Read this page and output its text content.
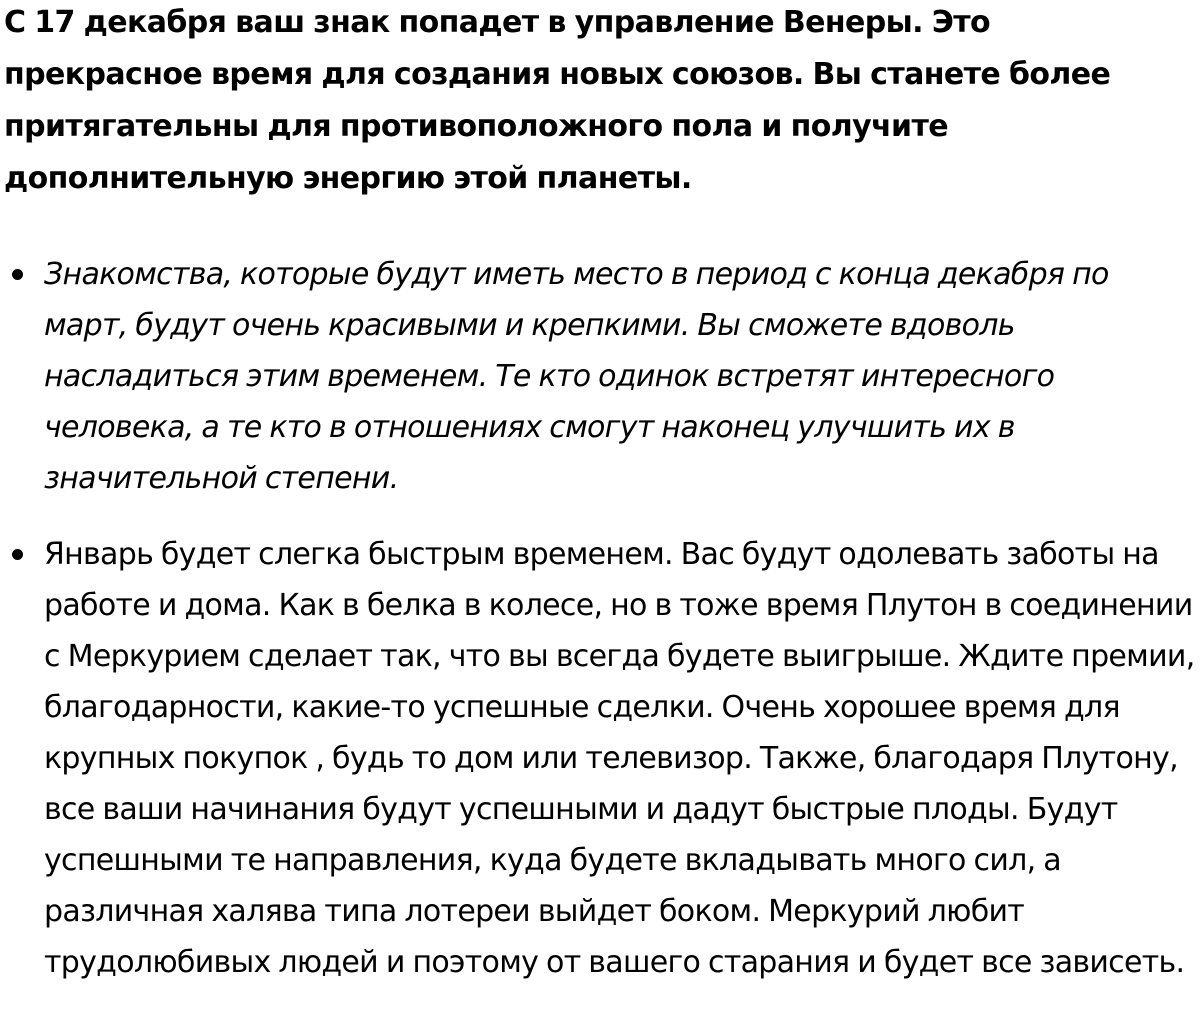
С 17 декабря ваш знак попадет в управление Венеры. Это прекрасное время для создания новых союзов. Вы станете более притягательны для противоположного пола и получите дополнительную энергию этой планеты.

Знакомства, которые будут иметь место в период с конца декабря по март, будут очень красивыми и крепкими. Вы сможете вдоволь насладиться этим временем. Те кто одинок встретят интересного человека, а те кто в отношениях смогут наконец улучшить их в значительной степени.
Январь будет слегка быстрым временем. Вас будут одолевать заботы на работе и дома. Как в белка в колесе, но в тоже время Плутон в соединении с Меркурием сделает так, что вы всегда будете выигрыше. Ждите премии, благодарности, какие-то успешные сделки. Очень хорошее время для крупных покупок , будь то дом или телевизор. Также, благодаря Плутону, все ваши начинания будут успешными и дадут быстрые плоды. Будут успешными те направления, куда будете вкладывать много сил, а различная халява типа лотереи выйдет боком. Меркурий любит трудолюбивых людей и поэтому от вашего старания и будет все зависеть.
